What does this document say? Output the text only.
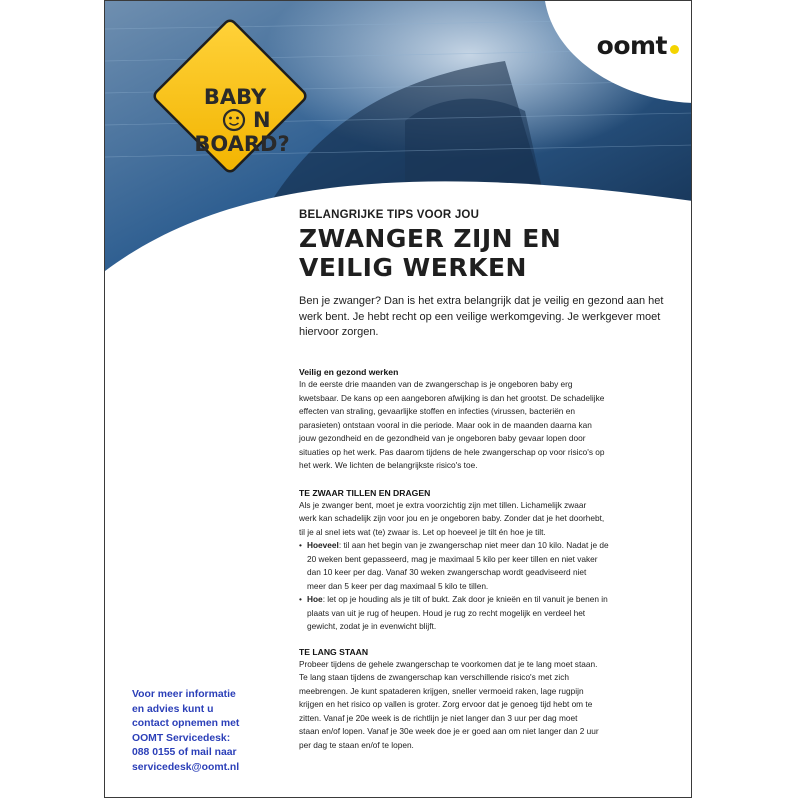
BABY
N
BOARD?
oomt
BELANGRIJKE TIPS VOOR JOU
ZWANGER ZIJN EN
VEILIG WERKEN

Ben je zwanger? Dan is het extra belangrijk dat je veilig en gezond aan het werk bent. Je hebt recht op een veilige werkomgeving. Je werkgever moet hiervoor zorgen.

Veilig en gezond werken

In de eerste drie maanden van de zwangerschap is je ongeboren baby erg
kwetsbaar. De kans op een aangeboren afwijking is dan het grootst. De schadelijke
effecten van straling, gevaarlijke stoffen en infecties (virussen, bacteriën en
parasieten) ontstaan vooral in die periode. Maar ook in de maanden daarna kan
jouw gezondheid en de gezondheid van je ongeboren baby gevaar lopen door
situaties op het werk. Pas daarom tijdens de hele zwangerschap op voor risico's op
het werk. We lichten de belangrijkste risico's toe.

TE ZWAAR TILLEN EN DRAGEN

Als je zwanger bent, moet je extra voorzichtig zijn met tillen. Lichamelijk zwaar
werk kan schadelijk zijn voor jou en je ongeboren baby. Zonder dat je het doorhebt,
til je al snel iets wat (te) zwaar is. Let op hoeveel je tilt én hoe je tilt.

• Hoeveel: til aan het begin van je zwangerschap niet meer dan 10 kilo. Nadat je de
20 weken bent gepasseerd, mag je maximaal 5 kilo per keer tillen en niet vaker
dan 10 keer per dag. Vanaf 30 weken zwangerschap wordt geadviseerd niet
meer dan 5 keer per dag maximaal 5 kilo te tillen.
• Hoe: let op je houding als je tilt of bukt. Zak door je knieën en til vanuit je benen in
plaats van uit je rug of heupen. Houd je rug zo recht mogelijk en verdeel het
gewicht, zodat je in evenwicht blijft.
TE LANG STAAN

Probeer tijdens de gehele zwangerschap te voorkomen dat je te lang moet staan.
Te lang staan tijdens de zwangerschap kan verschillende risico's met zich
meebrengen. Je kunt spataderen krijgen, sneller vermoeid raken, lage rugpijn
krijgen en het risico op vallen is groter. Zorg ervoor dat je genoeg tijd hebt om te
zitten. Vanaf je 20e week is de richtlijn je niet langer dan 3 uur per dag moet
staan en/of lopen. Vanaf je 30e week doe je er goed aan om niet langer dan 2 uur
per dag te staan en/of te lopen.

Voor meer informatie
en advies kunt u
contact opnemen met
OOMT Servicedesk:
088 0155 of mail naar
servicedesk@oomt.nl
